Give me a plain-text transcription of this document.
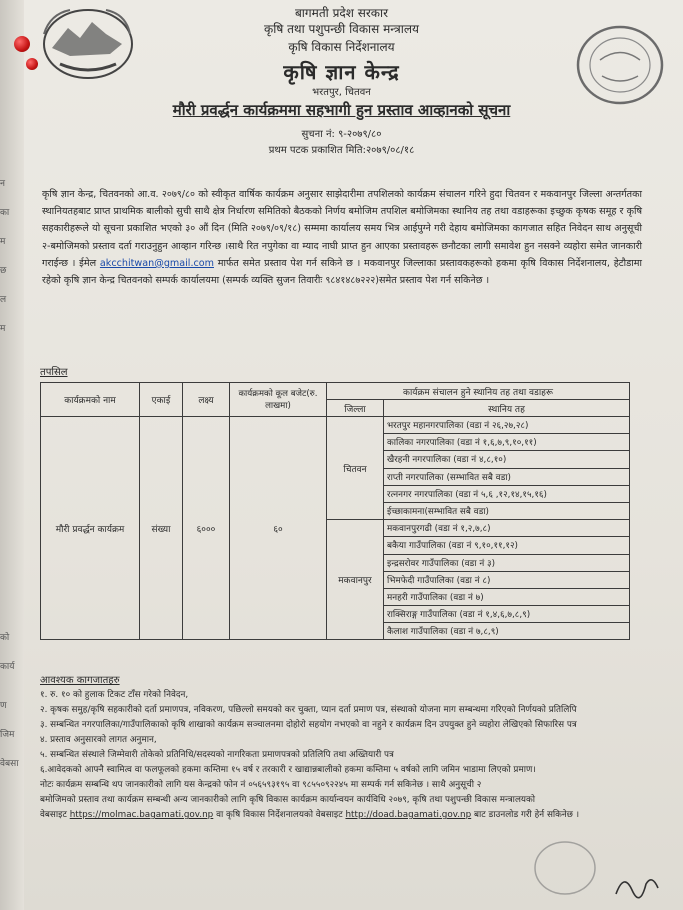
न
का
म
छ
ल
म
को
कार्य
ण
जिम
वेबसा
बागमती प्रदेश सरकार
कृषि तथा पशुपन्छी विकास मन्त्रालय
कृषि विकास निर्देशनालय
कृषि ज्ञान केन्द्र
भरतपुर, चितवन
मौरी प्रवर्द्धन कार्यक्रममा सहभागी हुन प्रस्ताव आव्हानको सूचना
सुचना नं: ९-२०७९/८०
प्रथम पटक प्रकाशित मिति:२०७९/०८/१८
कृषि ज्ञान केन्द्र, चितवनको आ.व. २०७९/८० को स्वीकृत वार्षिक कार्यक्रम अनुसार साझेदारीमा तपशिलको कार्यक्रम संचालन गरिने हुदा चितवन र मकवानपुर जिल्ला अन्तर्गतका स्थानियतहबाट प्राप्त प्राथमिक बालीको सुची साथै क्षेत्र निर्धारण समितिको बैठकको निर्णय बमोजिम तपशिल बमोजिमका स्थानिय तह तथा वडाहरूका इच्छुक कृषक समूह र कृषि सहकारीहरूले यो सूचना प्रकाशित भएको ३० औं दिन (मिति २०७९/०९/१८) सम्ममा कार्यालय समय भित्र आईपुग्ने गरी देहाय बमोजिमका कागजात सहित निवेदन साथ अनुसूची २-बमोजिमको प्रस्ताव दर्ता गराउनुहुन आव्हान गरिन्छ ।साथै रित नपुगेका वा म्याद नाघी प्राप्त हुन आएका प्रस्तावहरू छनौटका लागी समावेश हुन नसक्ने व्यहोरा समेत जानकारी गराईन्छ । ईमेल akcchitwan@gmail.com मार्फत समेत प्रस्ताव पेश गर्न सकिने छ । मकवानपुर जिल्लाका प्रस्तावकहरूको हकमा कृषि विकास निर्देशनालय, हेटौडामा रहेको कृषि ज्ञान केन्द्र चितवनको सम्पर्क कार्यालयमा (सम्पर्क व्यक्ति सुजन तिवारीः ९८४१४८७२२२)समेत प्रस्ताव पेश गर्न सकिनेछ ।
तपसिल
कार्यक्रमको नाम	एकाई	लक्ष्य	कार्यक्रमको कूल बजेट(रु. लाखमा)	कार्यक्रम संचालन हुने स्थानिय तह तथा वडाहरू	
				जिल्ला	स्थानिय तह
मौरी प्रवर्द्धन कार्यक्रम	संख्या	६०००	६०	चितवन	भरतपुर महानगरपालिका (वडा नं २६,२७,२८)
					कालिका नगरपालिका (वडा नं १,६,७,९,१०,११)
					खैरहनी नगरपालिका (वडा नं ४,८,१०)
					राप्ती नगरपालिका (सम्भावित सबै वडा)
					रत्ननगर नगरपालिका (वडा नं ५,६ ,१२,१४,१५,१६)
					ईच्छाकामना(सम्भावित सबै वडा)
				मकवानपुर	मकवानपुरगढी (वडा नं १,२,७,८)
					बकैया गाउँपालिका (वडा नं ९,१०,११,१२)
					इन्द्रसरोवर गाउँपालिका (वडा नं ३)
					भिमफेदी गाउँपालिका (वडा नं ८)
					मनहरी गाउँपालिका (वडा नं ७)
					राक्सिराङ्ग गाउँपालिका (वडा नं १,४,६,७,८,९)
					कैलाश गाउँपालिका (वडा नं ७,८,९)
आवश्यक कागजातहरु

१. रु. १० को हुलाक टिकट टाँस गरेको निवेदन,

२. कृषक समुह/कृषि सहकारीको दर्ता प्रमाणपत्र, नविकरण, पछिल्लो समयको कर चुक्ता, प्यान दर्ता प्रमाण पत्र, संस्थाको योजना माग सम्बन्धमा गरिएको निर्णयको प्रतिलिपि

३. सम्बन्धित नगरपालिका/गाउँपालिकाको कृषि शाखाको कार्यक्रम सञ्चालनमा दोहोरो सहयोग नभएको वा नहुने र कार्यक्रम दिन उपयुक्त हुने व्यहोरा लेखिएको सिफारिस पत्र

४. प्रस्ताव अनुसारको लागत अनुमान,

५. सम्बन्धित संस्थाले जिम्मेवारी तोकेको प्रतिनिधि/सदस्यको नागरिकता प्रमाणपत्रको प्रतिलिपि तथा अख्तियारी पत्र

६.आवेदकको आफ्नै स्वामित्व वा फलफूलको हकमा कम्तिमा १५ वर्ष र तरकारी र खाद्यान्नबालीको हकमा कम्तिमा ५ वर्षको लागि जमिन भाडामा लिएको प्रमाण।

नोटः कार्यक्रम सम्बन्धि थप जानकारीको लागि यस केन्द्रको फोन नं ०५६५९३१९५ वा ९८५५०९२२४५ मा सम्पर्क गर्न सकिनेछ । साथै अनुसूची २

बमोजिमको प्रस्ताव तथा कार्यक्रम सम्बन्धी अन्य जानकारीको लागि कृषि विकास कार्यक्रम कार्यान्वयन कार्यविधि २०७९, कृषि तथा पशुपन्छी विकास मन्त्रालयको

वेबसाइट https://molmac.bagamati.gov.np वा कृषि विकास निर्देशनालयको वेबसाइट http://doad.bagamati.gov.np बाट डाउनलोड गरी हेर्न सकिनेछ ।
